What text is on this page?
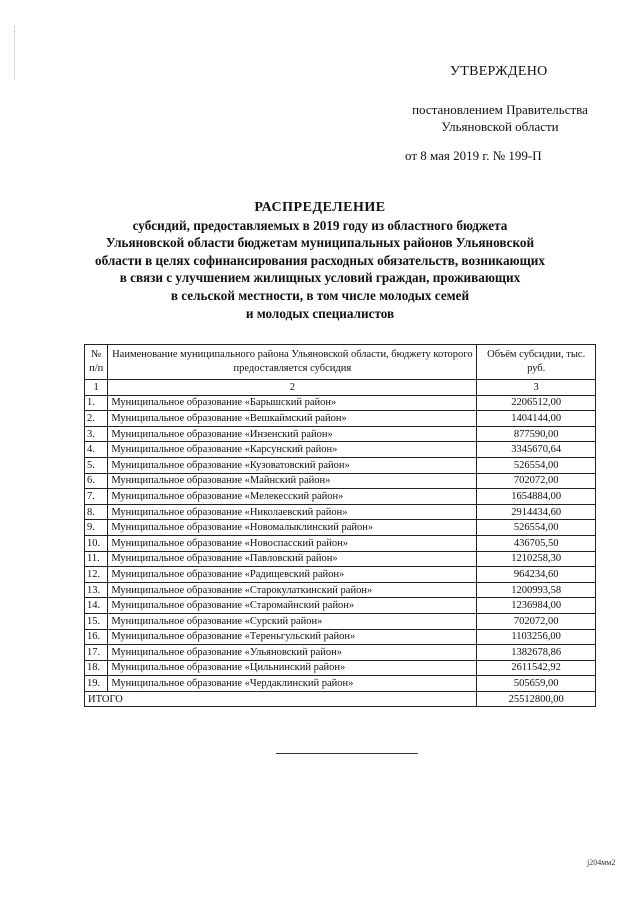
УТВЕРЖДЕНО
постановлением Правительства
Ульяновской области
от 8 мая 2019 г. № 199-П
РАСПРЕДЕЛЕНИЕ
субсидий, предоставляемых в 2019 году из областного бюджета
Ульяновской области бюджетам муниципальных районов Ульяновской
области в целях софинансирования расходных обязательств, возникающих
в связи с улучшением жилищных условий граждан, проживающих
в сельской местности, в том числе молодых семей
и молодых специалистов
№ п/п	Наименование муниципального района Ульяновской области, бюджету которого предоставляется субсидия	Объём субсидии, тыс. руб.
1	2	3
1.	Муниципальное образование «Барышский район»	2206512,00
2.	Муниципальное образование «Вешкаймский район»	1404144,00
3.	Муниципальное образование «Инзенский район»	877590,00
4.	Муниципальное образование «Карсунский район»	3345670,64
5.	Муниципальное образование «Кузоватовский район»	526554,00
6.	Муниципальное образование «Майнский район»	702072,00
7.	Муниципальное образование «Мелекесский район»	1654884,00
8.	Муниципальное образование «Николаевский район»	2914434,60
9.	Муниципальное образование «Новомалыклинский район»	526554,00
10.	Муниципальное образование «Новоспасский район»	436705,50
11.	Муниципальное образование «Павловский район»	1210258,30
12.	Муниципальное образование «Радищевский район»	964234,60
13.	Муниципальное образование «Старокулаткинский район»	1200993,58
14.	Муниципальное образование «Старомайнский район»	1236984,00
15.	Муниципальное образование «Сурский район»	702072,00
16.	Муниципальное образование «Тереньгульский район»	1103256,00
17.	Муниципальное образование «Ульяновский район»	1382678,86
18.	Муниципальное образование «Цильнинский район»	2611542,92
19.	Муниципальное образование «Чердаклинский район»	505659,00
ИТОГО		25512800,00
j204мм2
